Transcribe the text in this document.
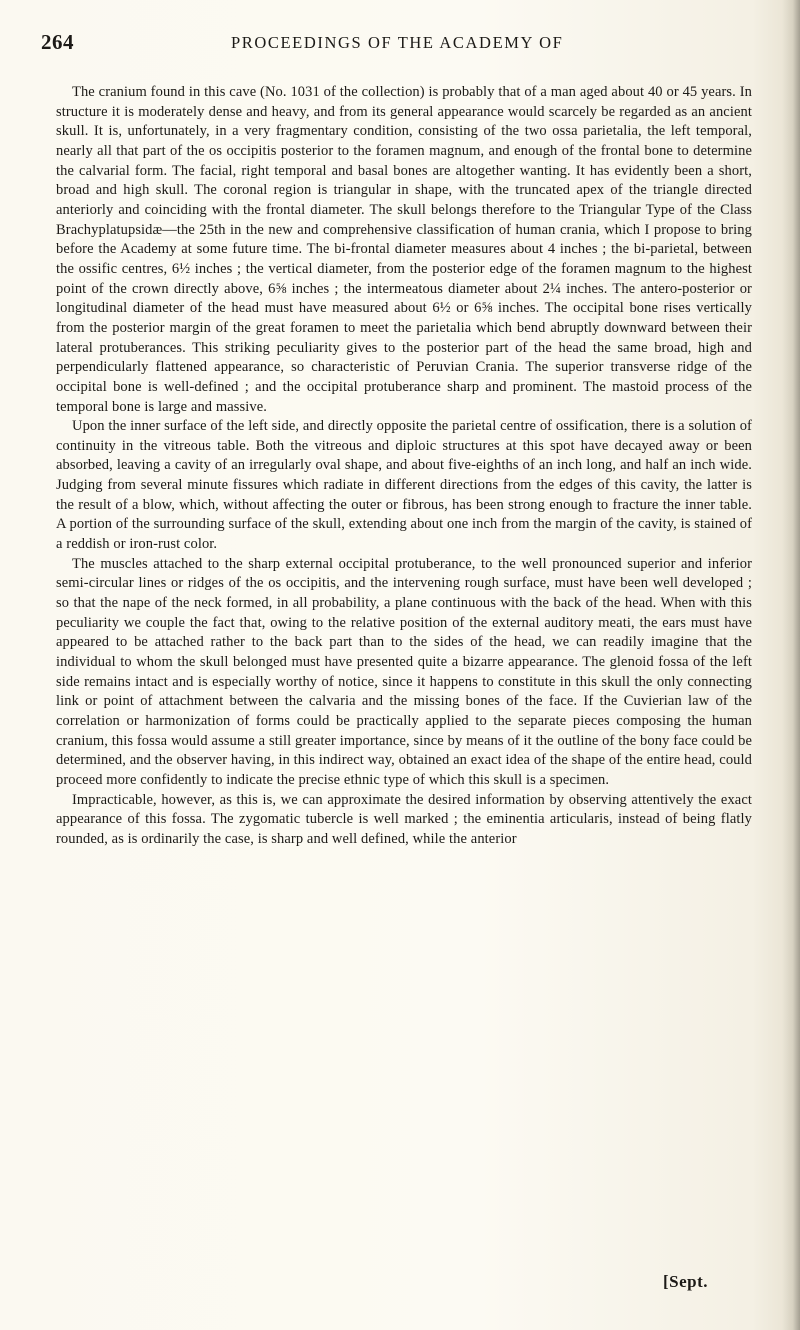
264	PROCEEDINGS OF THE ACADEMY OF

The cranium found in this cave (No. 1031 of the collection) is probably that of a man aged about 40 or 45 years. In structure it is moderately dense and heavy, and from its general appearance would scarcely be regarded as an ancient skull. It is, unfortunately, in a very fragmentary condition, consisting of the two ossa parietalia, the left temporal, nearly all that part of the os occipitis posterior to the foramen magnum, and enough of the frontal bone to determine the calvarial form. The facial, right temporal and basal bones are altogether wanting. It has evidently been a short, broad and high skull. The coronal region is triangular in shape, with the truncated apex of the triangle directed anteriorly and coinciding with the frontal diameter. The skull belongs therefore to the Triangular Type of the Class Brachyplatupsidæ—the 25th in the new and comprehensive classification of human crania, which I propose to bring before the Academy at some future time. The bi-frontal diameter measures about 4 inches ; the bi-parietal, between the ossific centres, 6½ inches ; the vertical diameter, from the posterior edge of the foramen magnum to the highest point of the crown directly above, 6⅝ inches ; the intermeatous diameter about 2¼ inches. The antero-posterior or longitudinal diameter of the head must have measured about 6½ or 6⅝ inches. The occipital bone rises vertically from the posterior margin of the great foramen to meet the parietalia which bend abruptly downward between their lateral protuberances. This striking peculiarity gives to the posterior part of the head the same broad, high and perpendicularly flattened appearance, so characteristic of Peruvian Crania. The superior transverse ridge of the occipital bone is well-defined ; and the occipital protuberance sharp and prominent. The mastoid process of the temporal bone is large and massive.

Upon the inner surface of the left side, and directly opposite the parietal centre of ossification, there is a solution of continuity in the vitreous table. Both the vitreous and diploic structures at this spot have decayed away or been absorbed, leaving a cavity of an irregularly oval shape, and about five-eighths of an inch long, and half an inch wide. Judging from several minute fissures which radiate in different directions from the edges of this cavity, the latter is the result of a blow, which, without affecting the outer or fibrous, has been strong enough to fracture the inner table. A portion of the surrounding surface of the skull, extending about one inch from the margin of the cavity, is stained of a reddish or iron-rust color.

The muscles attached to the sharp external occipital protuberance, to the well pronounced superior and inferior semi-circular lines or ridges of the os occipitis, and the intervening rough surface, must have been well developed ; so that the nape of the neck formed, in all probability, a plane continuous with the back of the head. When with this peculiarity we couple the fact that, owing to the relative position of the external auditory meati, the ears must have appeared to be attached rather to the back part than to the sides of the head, we can readily imagine that the individual to whom the skull belonged must have presented quite a bizarre appearance. The glenoid fossa of the left side remains intact and is especially worthy of notice, since it happens to constitute in this skull the only connecting link or point of attachment between the calvaria and the missing bones of the face. If the Cuvierian law of the correlation or harmonization of forms could be practically applied to the separate pieces composing the human cranium, this fossa would assume a still greater importance, since by means of it the outline of the bony face could be determined, and the observer having, in this indirect way, obtained an exact idea of the shape of the entire head, could proceed more confidently to indicate the precise ethnic type of which this skull is a specimen.

Impracticable, however, as this is, we can approximate the desired information by observing attentively the exact appearance of this fossa. The zygomatic tubercle is well marked ; the eminentia articularis, instead of being flatly rounded, as is ordinarily the case, is sharp and well defined, while the anterior

[Sept.
